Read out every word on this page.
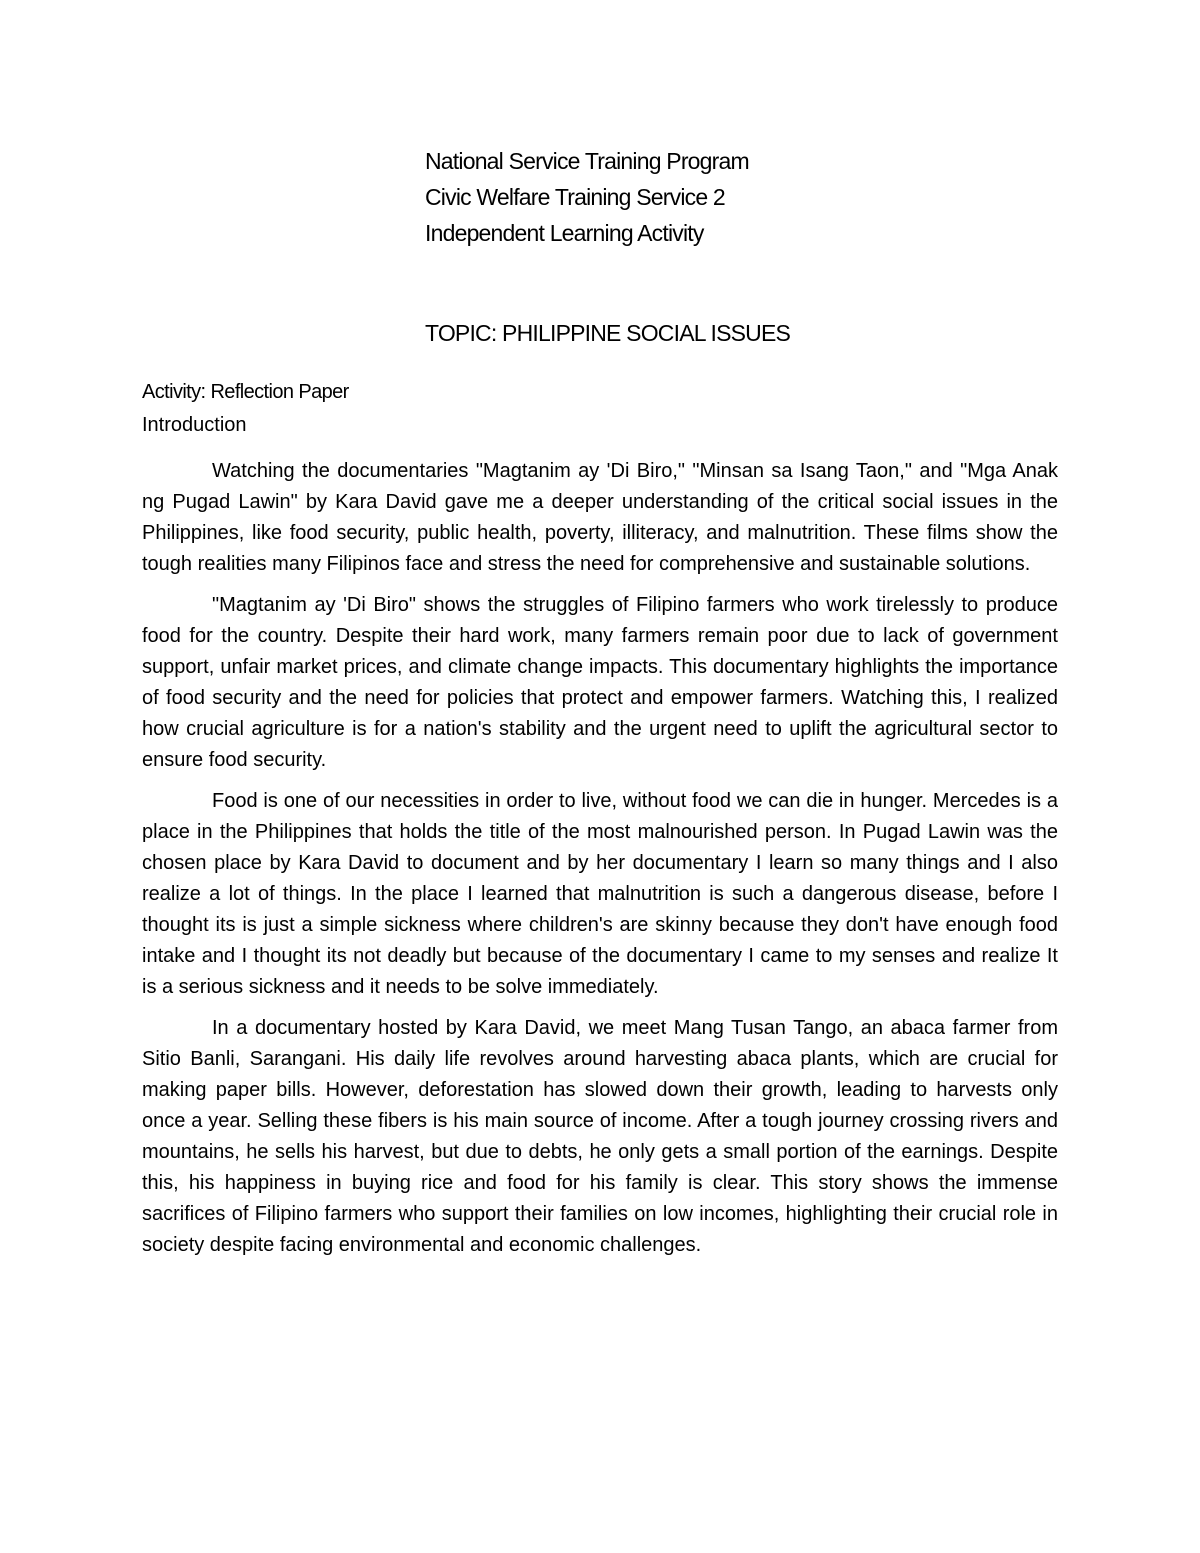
National Service Training Program
Civic Welfare Training Service 2
Independent Learning Activity
TOPIC: PHILIPPINE SOCIAL ISSUES
Activity: Reflection Paper
Introduction

Watching the documentaries "Magtanim ay 'Di Biro," "Minsan sa Isang Taon," and "Mga Anak ng Pugad Lawin" by Kara David gave me a deeper understanding of the critical social issues in the Philippines, like food security, public health, poverty, illiteracy, and malnutrition. These films show the tough realities many Filipinos face and stress the need for comprehensive and sustainable solutions.

"Magtanim ay 'Di Biro" shows the struggles of Filipino farmers who work tirelessly to produce food for the country. Despite their hard work, many farmers remain poor due to lack of government support, unfair market prices, and climate change impacts. This documentary highlights the importance of food security and the need for policies that protect and empower farmers. Watching this, I realized how crucial agriculture is for a nation's stability and the urgent need to uplift the agricultural sector to ensure food security.

Food is one of our necessities in order to live, without food we can die in hunger. Mercedes is a place in the Philippines that holds the title of the most malnourished person. In Pugad Lawin was the chosen place by Kara David to document and by her documentary I learn so many things and I also realize a lot of things. In the place I learned that malnutrition is such a dangerous disease, before I thought its is just a simple sickness where children's are skinny because they don't have enough food intake and I thought its not deadly but because of the documentary I came to my senses and realize It is a serious sickness and it needs to be solve immediately.

In a documentary hosted by Kara David, we meet Mang Tusan Tango, an abaca farmer from Sitio Banli, Sarangani. His daily life revolves around harvesting abaca plants, which are crucial for making paper bills. However, deforestation has slowed down their growth, leading to harvests only once a year. Selling these fibers is his main source of income. After a tough journey crossing rivers and mountains, he sells his harvest, but due to debts, he only gets a small portion of the earnings. Despite this, his happiness in buying rice and food for his family is clear. This story shows the immense sacrifices of Filipino farmers who support their families on low incomes, highlighting their crucial role in society despite facing environmental and economic challenges.
